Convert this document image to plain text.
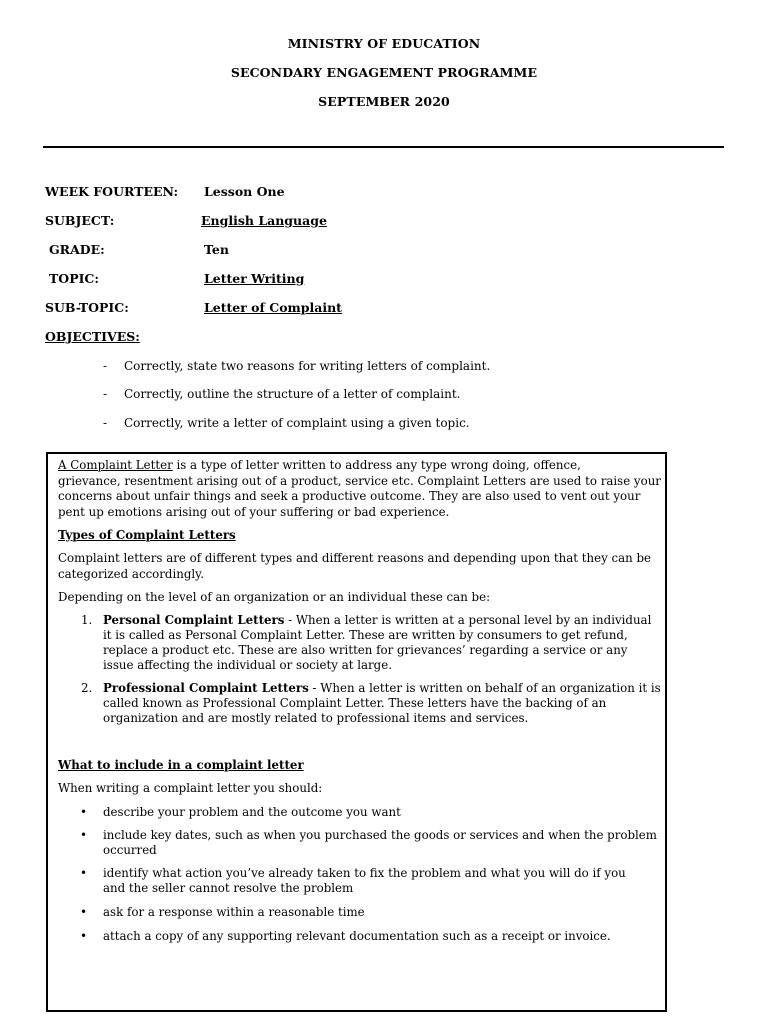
MINISTRY OF EDUCATION
SECONDARY ENGAGEMENT PROGRAMME
SEPTEMBER 2020
WEEK FOURTEEN: Lesson One
SUBJECT:	English Language
GRADE:	Ten
TOPIC:	Letter Writing
SUB-TOPIC:	Letter of Complaint
OBJECTIVES:
- Correctly, state two reasons for writing letters of complaint.
- Correctly, outline the structure of a letter of complaint.
- Correctly, write a letter of complaint using a given topic.
A Complaint Letter is a type of letter written to address any type wrong doing, offence,
grievance, resentment arising out of a product, service etc. Complaint Letters are used to raise your
concerns about unfair things and seek a productive outcome. They are also used to vent out your
pent up emotions arising out of your suffering or bad experience.
Types of Complaint Letters
Complaint letters are of different types and different reasons and depending upon that they can be
categorized accordingly.
Depending on the level of an organization or an individual these can be:
1. Personal Complaint Letters - When a letter is written at a personal level by an individual
it is called as Personal Complaint Letter. These are written by consumers to get refund,
replace a product etc. These are also written for grievances’ regarding a service or any
issue affecting the individual or society at large.
2. Professional Complaint Letters - When a letter is written on behalf of an organization it is
called known as Professional Complaint Letter. These letters have the backing of an
organization and are mostly related to professional items and services.
What to include in a complaint letter
When writing a complaint letter you should:
• describe your problem and the outcome you want
• include key dates, such as when you purchased the goods or services and when the problem
occurred
• identify what action you’ve already taken to fix the problem and what you will do if you
and the seller cannot resolve the problem
• ask for a response within a reasonable time
• attach a copy of any supporting relevant documentation such as a receipt or invoice.
